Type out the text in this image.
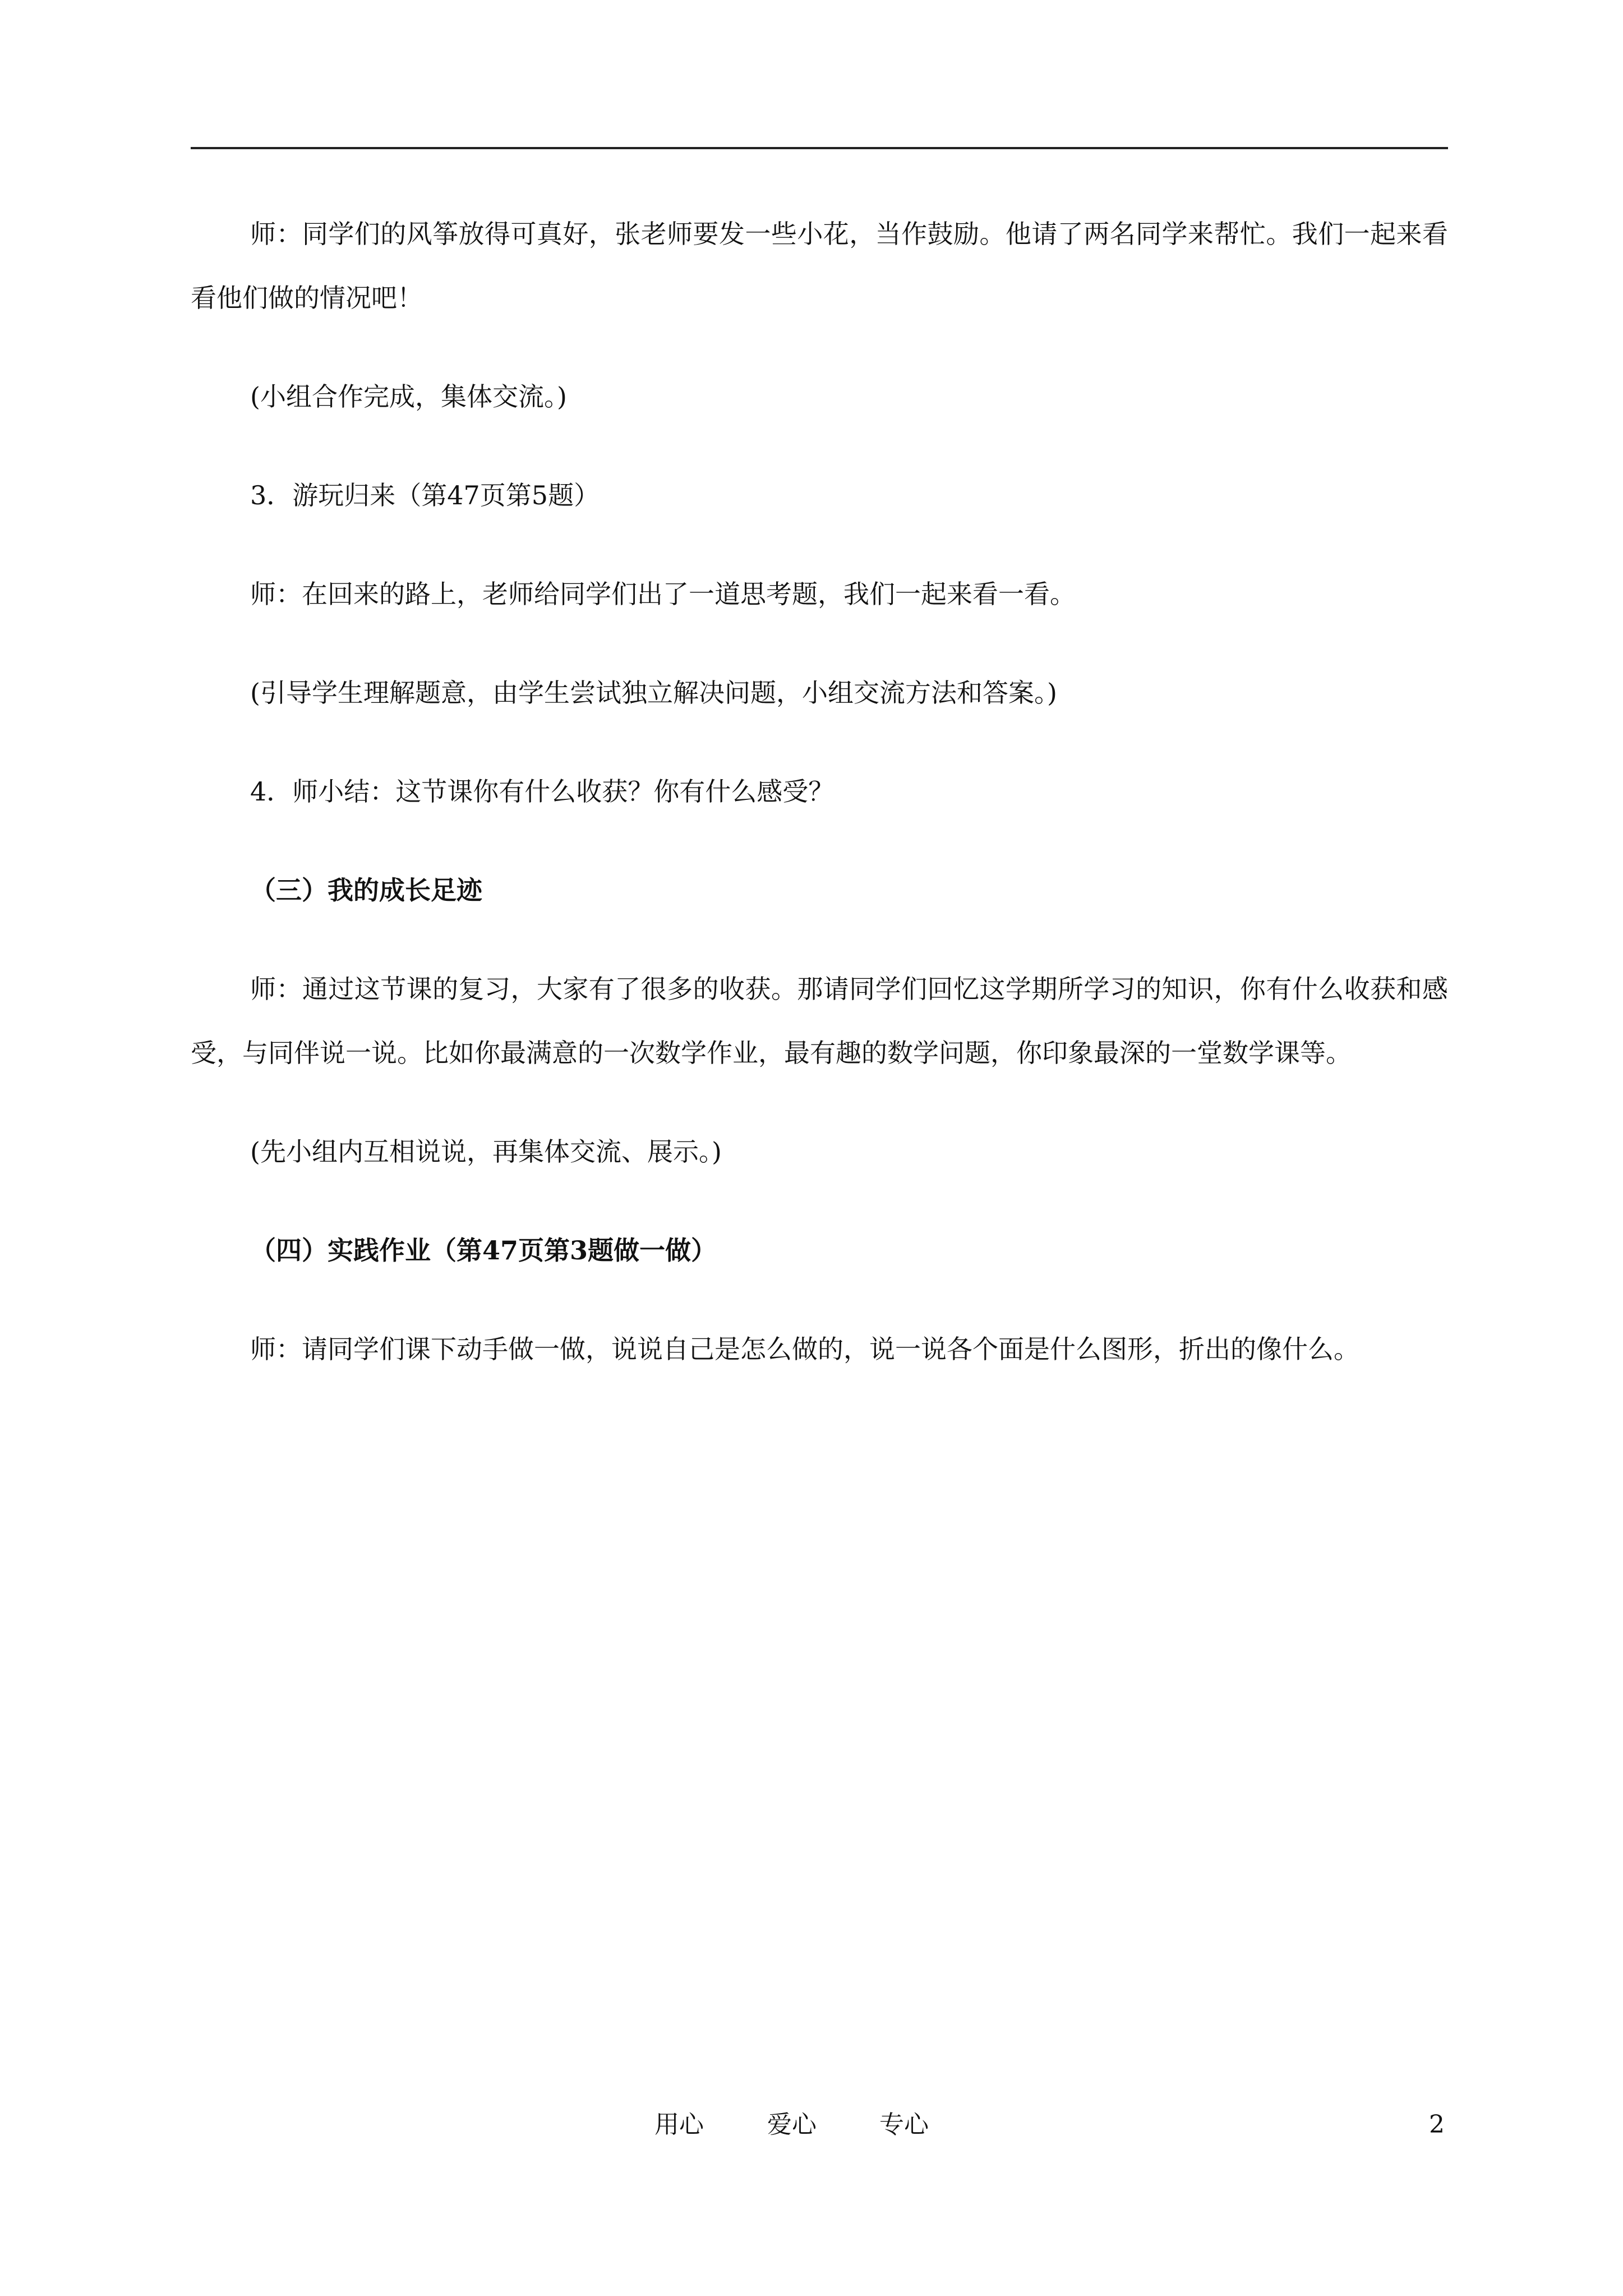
师：同学们的风筝放得可真好，张老师要发一些小花，当作鼓励。他请了两名同学来帮忙。我们一起来看看他们做的情况吧！

(小组合作完成，集体交流。)

3．游玩归来（第47页第5题）

师：在回来的路上，老师给同学们出了一道思考题，我们一起来看一看。

(引导学生理解题意，由学生尝试独立解决问题，小组交流方法和答案。)

4．师小结：这节课你有什么收获？你有什么感受？

（三）我的成长足迹

师：通过这节课的复习，大家有了很多的收获。那请同学们回忆这学期所学习的知识，你有什么收获和感受，与同伴说一说。比如你最满意的一次数学作业，最有趣的数学问题，你印象最深的一堂数学课等。

(先小组内互相说说，再集体交流、展示。)

（四）实践作业（第47页第3题做一做）

师：请同学们课下动手做一做，说说自己是怎么做的，说一说各个面是什么图形，折出的像什么。

用心	爱心	专心	2
